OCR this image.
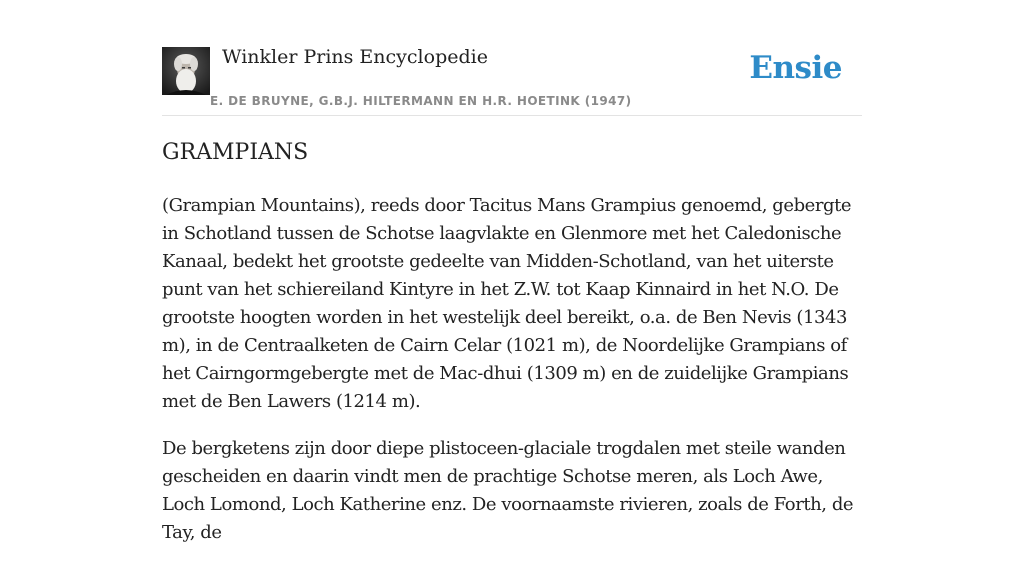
Winkler Prins Encyclopedie
E. DE BRUYNE, G.B.J. HILTERMANN EN H.R. HOETINK (1947)
Ensie
GRAMPIANS

(Grampian Mountains), reeds door Tacitus Mans Grampius genoemd, gebergte in Schotland tussen de Schotse laagvlakte en Glenmore met het Caledonische Kanaal, bedekt het grootste gedeelte van Midden-Schotland, van het uiterste punt van het schiereiland Kintyre in het Z.W. tot Kaap Kinnaird in het N.O. De grootste hoogten worden in het westelijk deel bereikt, o.a. de Ben Nevis (1343 m), in de Centraalketen de Cairn Celar (1021 m), de Noordelijke Grampians of het Cairngormgebergte met de Mac-dhui (1309 m) en de zuidelijke Grampians met de Ben Lawers (1214 m).

De bergketens zijn door diepe plistoceen-glaciale trogdalen met steile wanden gescheiden en daarin vindt men de prachtige Schotse meren, als Loch Awe, Loch Lomond, Loch Katherine enz. De voornaamste rivieren, zoals de Forth, de Tay, de
